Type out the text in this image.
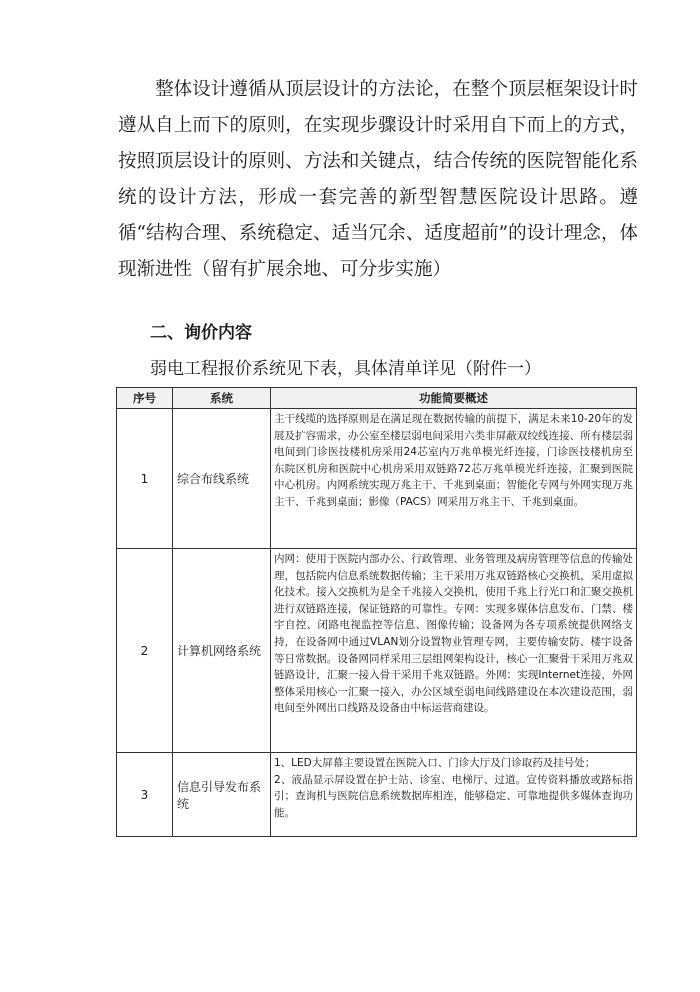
整体设计遵循从顶层设计的方法论，在整个顶层框架设计时遵从自上而下的原则，在实现步骤设计时采用自下而上的方式，按照顶层设计的原则、方法和关键点，结合传统的医院智能化系统的设计方法，形成一套完善的新型智慧医院设计思路。遵循“结构合理、系统稳定、适当冗余、适度超前”的设计理念，体现渐进性（留有扩展余地、可分步实施）

二、询价内容

弱电工程报价系统见下表，具体清单详见（附件一）

序号	系统	功能简要概述
1	综合布线系统	主干线缆的选择原则是在满足现在数据传输的前提下，满足未来10-20年的发展及扩容需求，办公室至楼层弱电间采用六类非屏蔽双绞线连接、所有楼层弱电间到门诊医技楼机房采用24芯室内万兆单模光纤连接，门诊医技楼机房至东院区机房和医院中心机房采用双链路72芯万兆单模光纤连接，汇聚到医院中心机房。内网系统实现万兆主干、千兆到桌面；智能化专网与外网实现万兆主干、千兆到桌面；影像（PACS）网采用万兆主干、千兆到桌面。

2	计算机网络系统	内网：使用于医院内部办公、行政管理、业务管理及病房管理等信息的传输处理，包括院内信息系统数据传输；主干采用万兆双链路核心交换机，采用虚拟化技术。接入交换机为是全千兆接入交换机，使用千兆上行光口和汇聚交换机进行双链路连接，保证链路的可靠性。专网：实现多媒体信息发布、门禁、楼宇自控、闭路电视监控等信息、图像传输；设备网为各专项系统提供网络支持，在设备网中通过VLAN划分设置物业管理专网，主要传输安防、楼宇设备等日常数据。设备网同样采用三层组网架构设计，核心一汇聚骨干采用万兆双链路设计，汇聚一接入骨干采用千兆双链路。外网：实现Internet连接，外网整体采用核心一汇聚一接入，办公区域至弱电间线路建设在本次建设范围，弱电间至外网出口线路及设备由中标运营商建设。

3	信息引导发布系统	1、LED大屏幕主要设置在医院入口、门诊大厅及门诊取药及挂号处；
2、液晶显示屏设置在护士站、诊室、电梯厅、过道。宣传资料播放或路标指引；查询机与医院信息系统数据库相连，能够稳定、可靠地提供多媒体查询功能。
